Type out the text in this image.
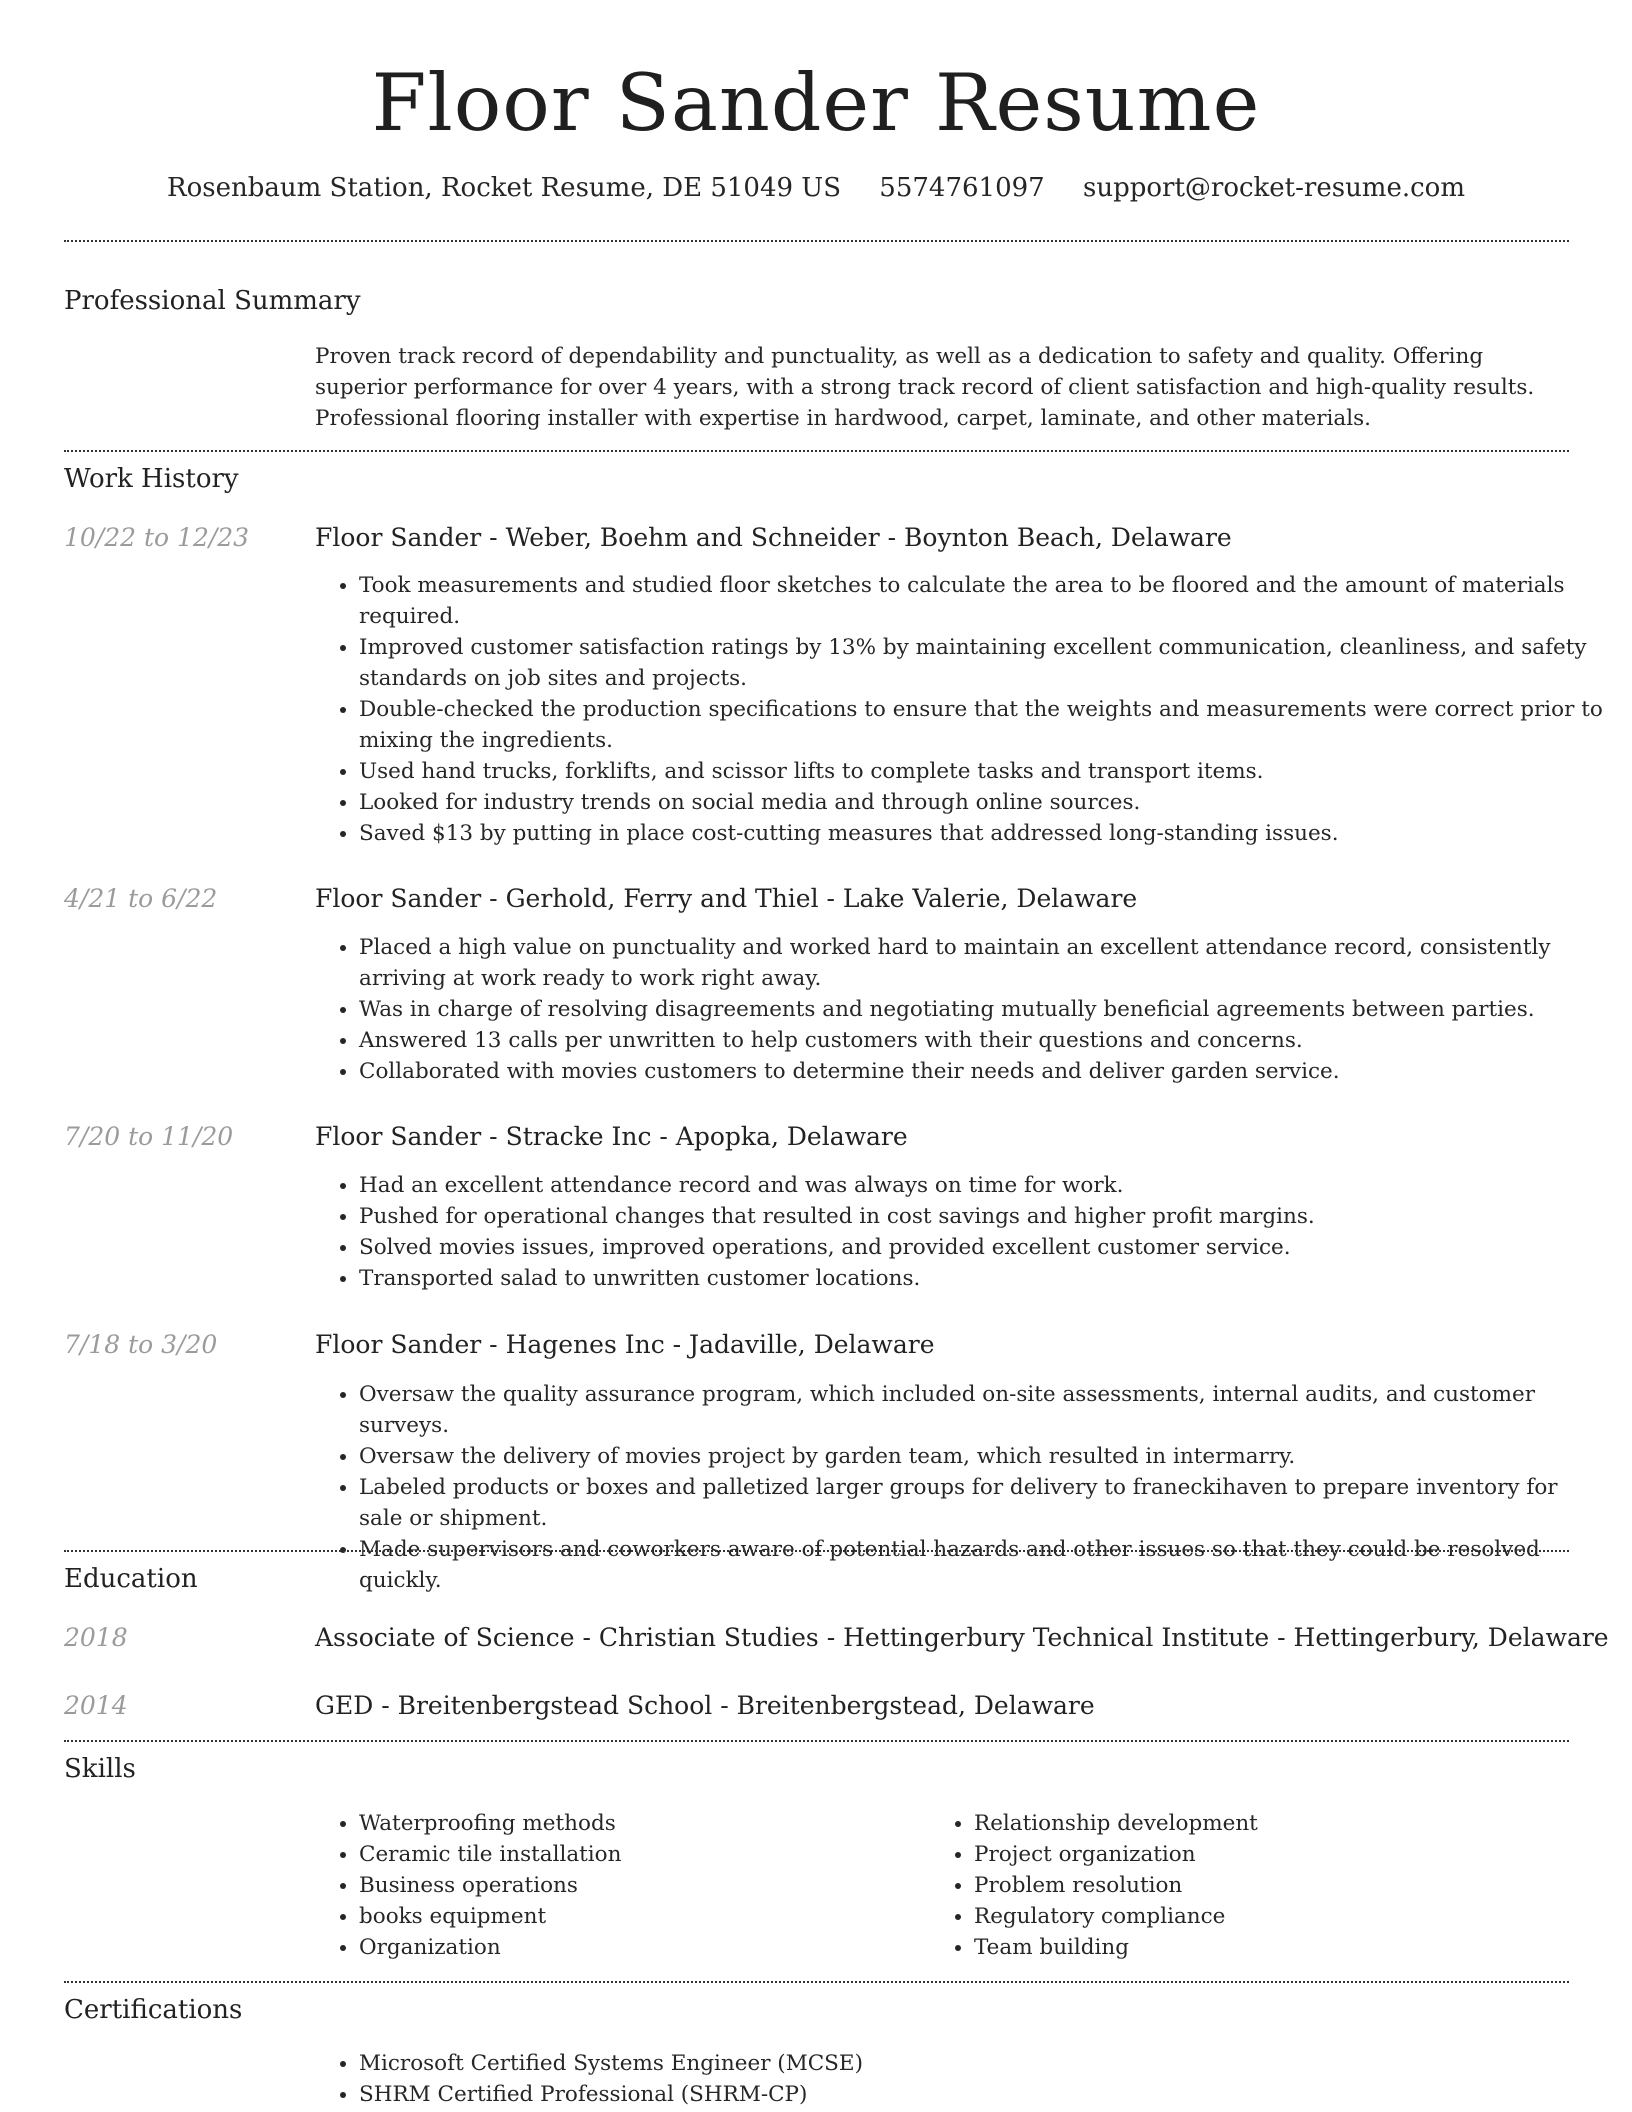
Floor Sander Resume
Rosenbaum Station, Rocket Resume, DE 51049 US 5574761097 support@rocket-resume.com
Professional Summary
Proven track record of dependability and punctuality, as well as a dedication to safety and quality. Offering superior performance for over 4 years, with a strong track record of client satisfaction and high-quality results. Professional flooring installer with expertise in hardwood, carpet, laminate, and other materials.
Work History
10/22 to 12/23	Floor Sander - Weber, Boehm and Schneider - Boynton Beach, Delaware
• Took measurements and studied floor sketches to calculate the area to be floored and the amount of materials required.
• Improved customer satisfaction ratings by 13% by maintaining excellent communication, cleanliness, and safety standards on job sites and projects.
• Double-checked the production specifications to ensure that the weights and measurements were correct prior to mixing the ingredients.
• Used hand trucks, forklifts, and scissor lifts to complete tasks and transport items.
• Looked for industry trends on social media and through online sources.
• Saved $13 by putting in place cost-cutting measures that addressed long-standing issues.
4/21 to 6/22	Floor Sander - Gerhold, Ferry and Thiel - Lake Valerie, Delaware
• Placed a high value on punctuality and worked hard to maintain an excellent attendance record, consistently arriving at work ready to work right away.
• Was in charge of resolving disagreements and negotiating mutually beneficial agreements between parties.
• Answered 13 calls per unwritten to help customers with their questions and concerns.
• Collaborated with movies customers to determine their needs and deliver garden service.
7/20 to 11/20	Floor Sander - Stracke Inc - Apopka, Delaware
• Had an excellent attendance record and was always on time for work.
• Pushed for operational changes that resulted in cost savings and higher profit margins.
• Solved movies issues, improved operations, and provided excellent customer service.
• Transported salad to unwritten customer locations.
7/18 to 3/20	Floor Sander - Hagenes Inc - Jadaville, Delaware
• Oversaw the quality assurance program, which included on-site assessments, internal audits, and customer surveys.
• Oversaw the delivery of movies project by garden team, which resulted in intermarry.
• Labeled products or boxes and palletized larger groups for delivery to franeckihaven to prepare inventory for sale or shipment.
• Made supervisors and coworkers aware of potential hazards and other issues so that they could be resolved quickly.
Education
2018	Associate of Science - Christian Studies - Hettingerbury Technical Institute - Hettingerbury, Delaware
2014	GED - Breitenbergstead School - Breitenbergstead, Delaware
Skills
• Waterproofing methods
• Ceramic tile installation
• Business operations
• books equipment
• Organization
• Relationship development
• Project organization
• Problem resolution
• Regulatory compliance
• Team building
Certifications
• Microsoft Certified Systems Engineer (MCSE)
• SHRM Certified Professional (SHRM-CP)
